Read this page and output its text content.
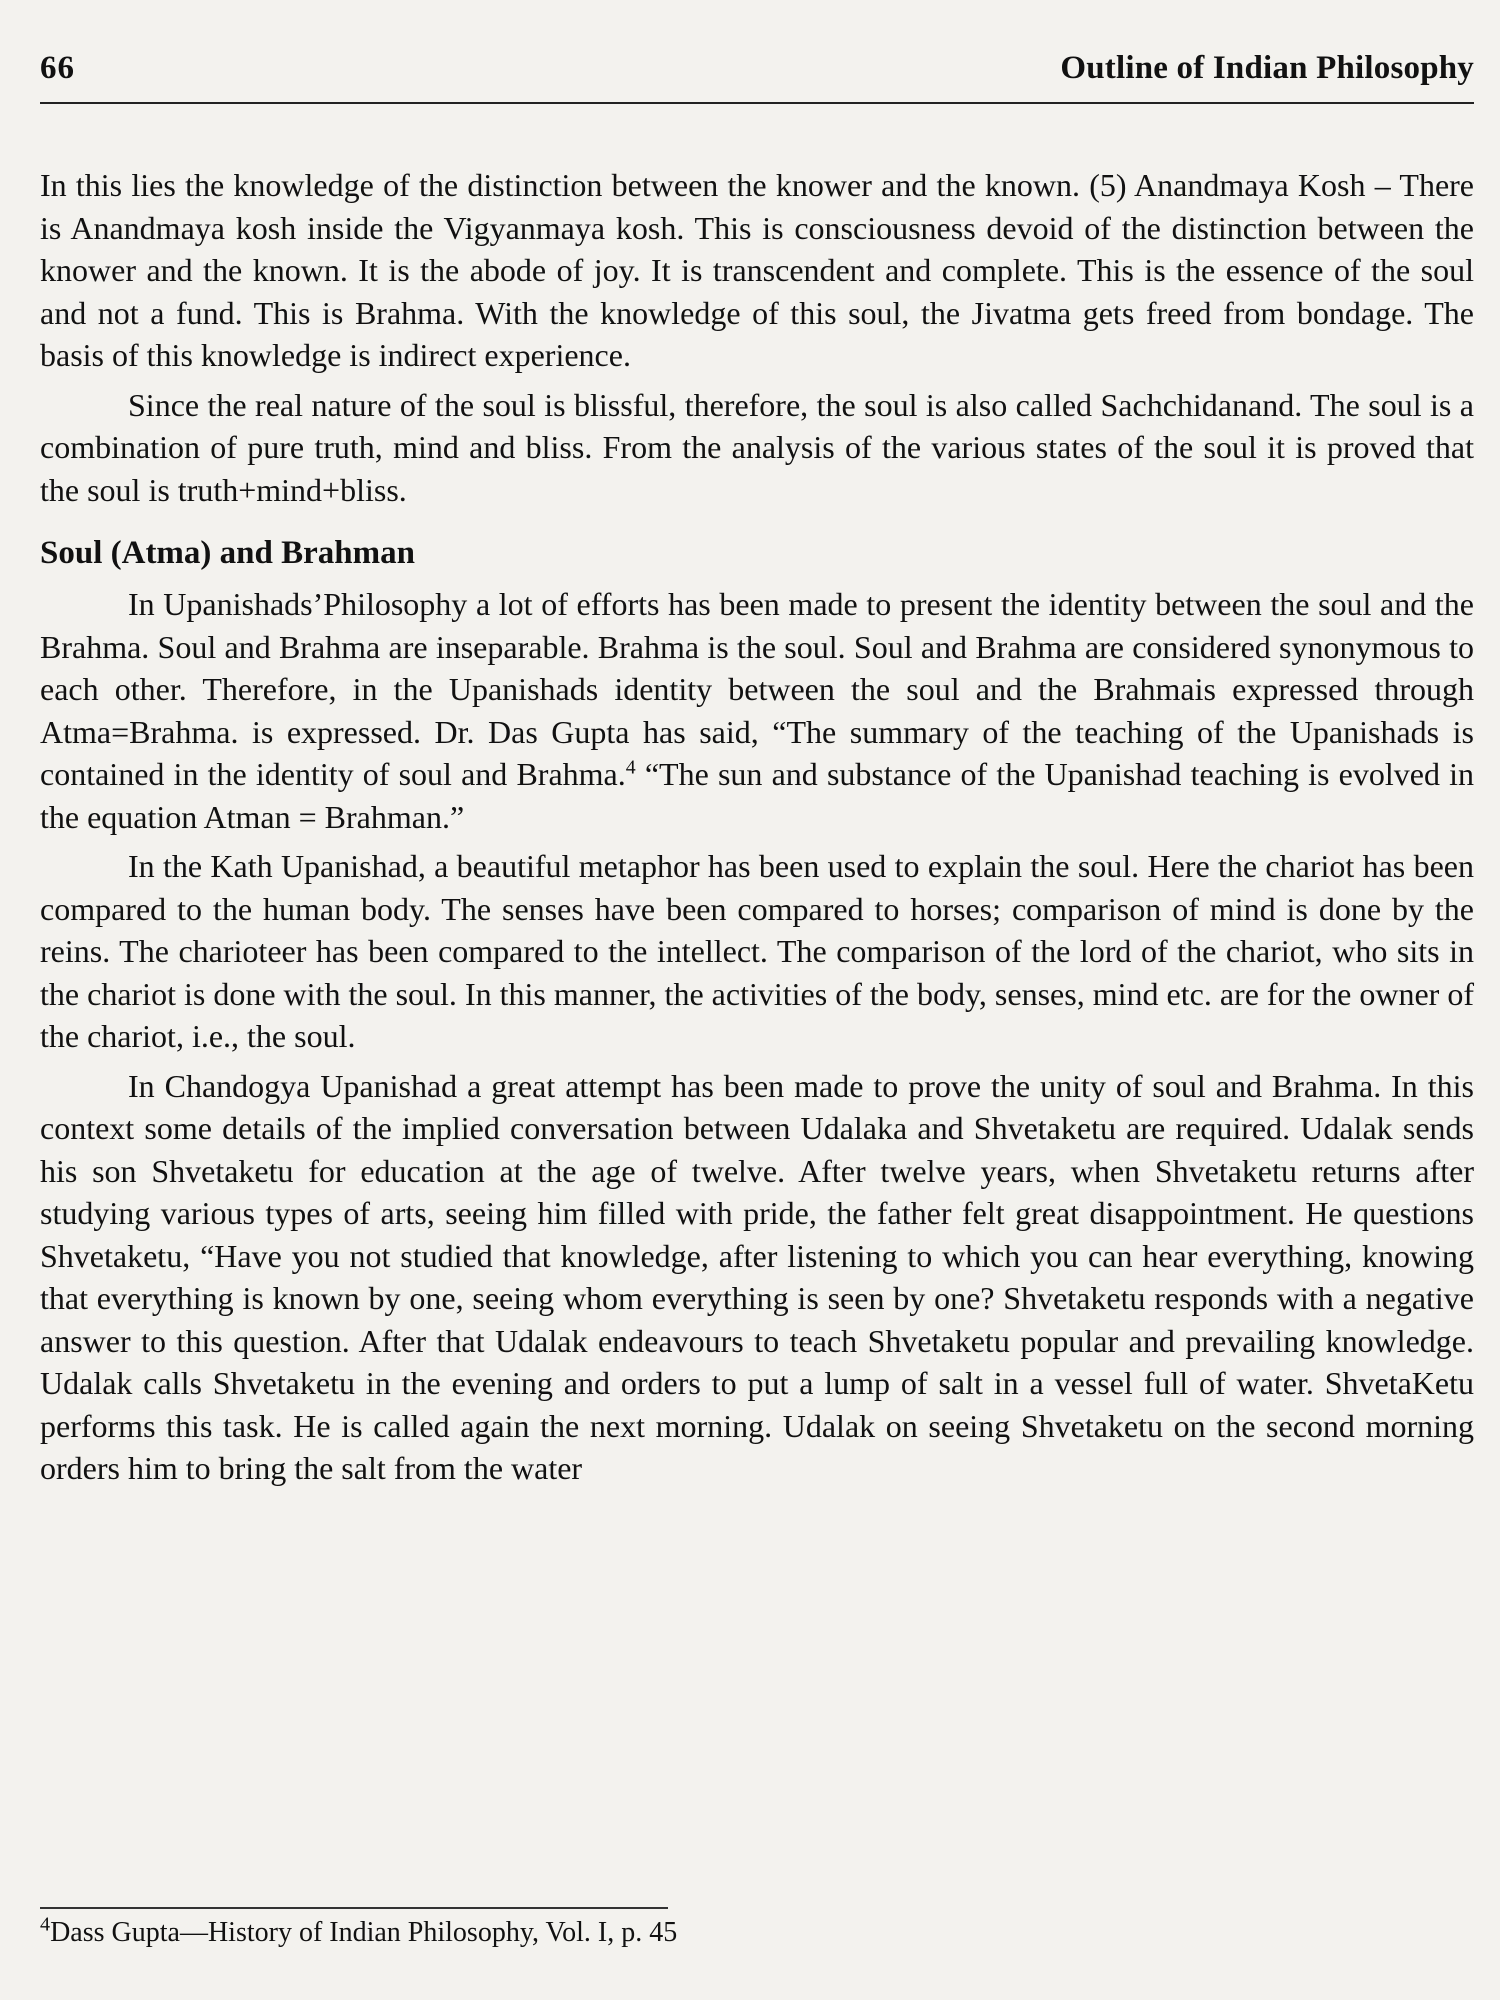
66	Outline of Indian Philosophy

In this lies the knowledge of the distinction between the knower and the known. (5) Anandmaya Kosh – There is Anandmaya kosh inside the Vigyanmaya kosh. This is consciousness devoid of the distinction between the knower and the known. It is the abode of joy. It is transcendent and complete. This is the essence of the soul and not a fund. This is Brahma. With the knowledge of this soul, the Jivatma gets freed from bondage. The basis of this knowledge is indirect experience.

Since the real nature of the soul is blissful, therefore, the soul is also called Sachchidanand. The soul is a combination of pure truth, mind and bliss. From the analysis of the various states of the soul it is proved that the soul is truth+mind+bliss.

Soul (Atma) and Brahman

In Upanishads’Philosophy a lot of efforts has been made to present the identity between the soul and the Brahma. Soul and Brahma are inseparable. Brahma is the soul. Soul and Brahma are considered synonymous to each other. Therefore, in the Upanishads identity between the soul and the Brahmais expressed through Atma=Brahma. is expressed. Dr. Das Gupta has said, “The summary of the teaching of the Upanishads is contained in the identity of soul and Brahma.$^4$ “The sun and substance of the Upanishad teaching is evolved in the equation Atman = Brahman.”

In the Kath Upanishad, a beautiful metaphor has been used to explain the soul. Here the chariot has been compared to the human body. The senses have been compared to horses; comparison of mind is done by the reins. The charioteer has been compared to the intellect. The comparison of the lord of the chariot, who sits in the chariot is done with the soul. In this manner, the activities of the body, senses, mind etc. are for the owner of the chariot, i.e., the soul.

In Chandogya Upanishad a great attempt has been made to prove the unity of soul and Brahma. In this context some details of the implied conversation between Udalaka and Shvetaketu are required. Udalak sends his son Shvetaketu for education at the age of twelve. After twelve years, when Shvetaketu returns after studying various types of arts, seeing him filled with pride, the father felt great disappointment. He questions Shvetaketu, “Have you not studied that knowledge, after listening to which you can hear everything, knowing that everything is known by one, seeing whom everything is seen by one? Shvetaketu responds with a negative answer to this question. After that Udalak endeavours to teach Shvetaketu popular and prevailing knowledge. Udalak calls Shvetaketu in the evening and orders to put a lump of salt in a vessel full of water. ShvetaKetu performs this task. He is called again the next morning. Udalak on seeing Shvetaketu on the second morning orders him to bring the salt from the water

$^4$Dass Gupta—History of Indian Philosophy, Vol. I, p. 45
